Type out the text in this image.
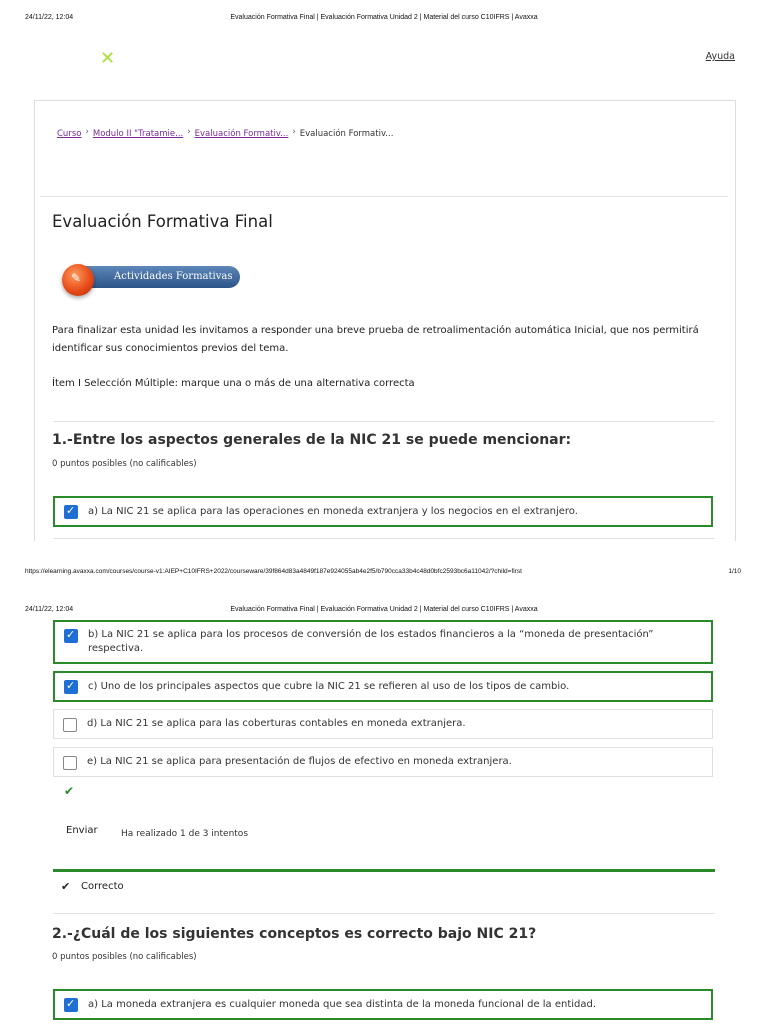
24/11/22, 12:04	Evaluación Formativa Final | Evaluación Formativa Unidad 2 | Material del curso C10IFRS | Avaxxa
✕	Ayuda
Curso › Modulo II "Tratamie... › Evaluación Formativ... › Evaluación Formativ...
Evaluación Formativa Final
✎	Actividades Formativas
Para finalizar esta unidad les invitamos a responder una breve prueba de retroalimentación automática Inicial, que nos permitirá identificar sus conocimientos previos del tema.
Ítem I Selección Múltiple: marque una o más de una alternativa correcta
1.-Entre los aspectos generales de la NIC 21 se puede mencionar:
0 puntos posibles (no calificables)
✓
a) La NIC 21 se aplica para las operaciones en moneda extranjera y los negocios en el extranjero.
https://elearning.avaxxa.com/courses/course-v1:AIEP+C10IFRS+2022/courseware/39f864d83a4849f187e924055ab4e2f5/b790cca33b4c48d0bfc2593bc6a11042/?child=first	1/10
24/11/22, 12:04	Evaluación Formativa Final | Evaluación Formativa Unidad 2 | Material del curso C10IFRS | Avaxxa
✓
b) La NIC 21 se aplica para los procesos de conversión de los estados financieros a la “moneda de presentación” respectiva.
✓
c) Uno de los principales aspectos que cubre la NIC 21 se refieren al uso de los tipos de cambio.
d) La NIC 21 se aplica para las coberturas contables en moneda extranjera.
e) La NIC 21 se aplica para presentación de flujos de efectivo en moneda extranjera.
✔
Enviar	Ha realizado 1 de 3 intentos
✔ Correcto
2.-¿Cuál de los siguientes conceptos es correcto bajo NIC 21?
0 puntos posibles (no calificables)
✓
a) La moneda extranjera es cualquier moneda que sea distinta de la moneda funcional de la entidad.
